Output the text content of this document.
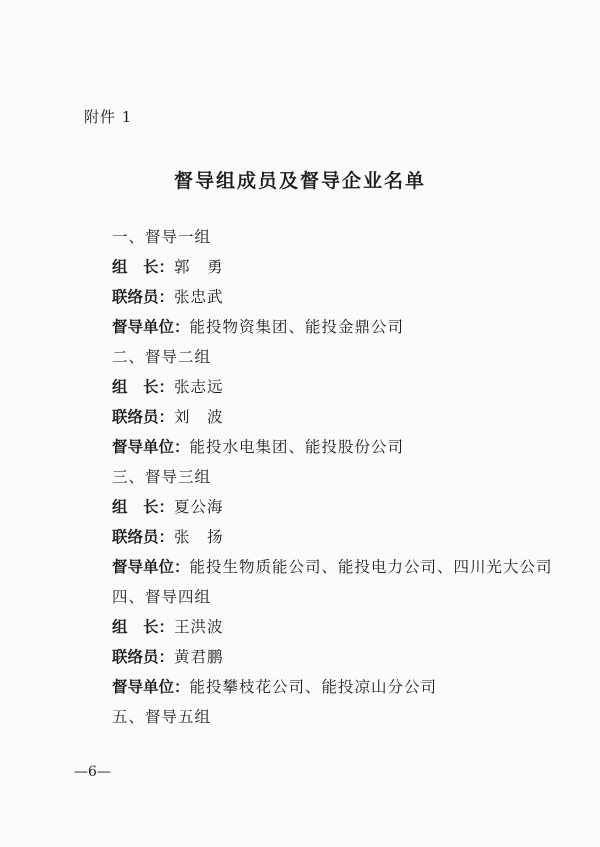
附件 1
督导组成员及督导企业名单
一、督导一组
组　长：郭　勇
联络员：张忠武
督导单位：能投物资集团、能投金鼎公司
二、督导二组
组　长：张志远
联络员：刘　波
督导单位：能投水电集团、能投股份公司
三、督导三组
组　长：夏公海
联络员：张　扬
督导单位：能投生物质能公司、能投电力公司、四川光大公司
四、督导四组
组　长：王洪波
联络员：黄君鹏
督导单位：能投攀枝花公司、能投凉山分公司
五、督导五组
—6—
